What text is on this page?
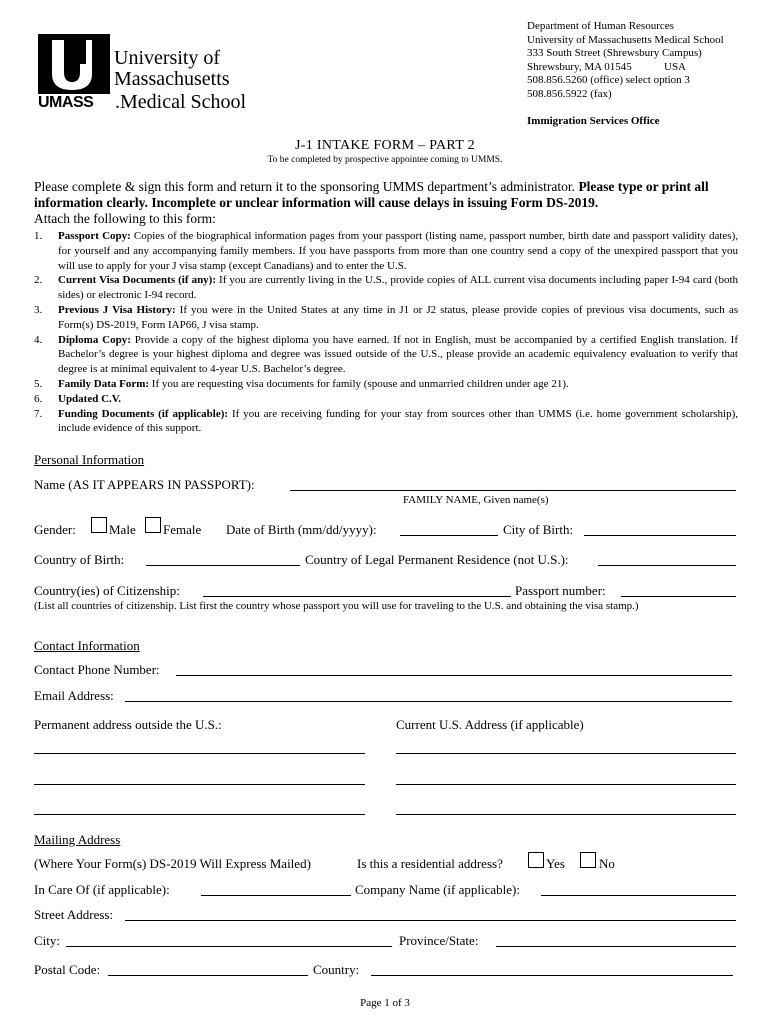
University of
Massachusetts
UMASS .Medical School
Department of Human Resources
University of Massachusetts Medical School
333 South Street (Shrewsbury Campus)
Shrewsbury, MA 01545	USA
508.856.5260 (office) select option 3
508.856.5922 (fax)
Immigration Services Office
J-1 INTAKE FORM – PART 2
To be completed by prospective appointee coming to UMMS.
Please complete & sign this form and return it to the sponsoring UMMS department’s administrator. Please type or print all information clearly. Incomplete or unclear information will cause delays in issuing Form DS-2019.
Attach the following to this form:
1. Passport Copy: Copies of the biographical information pages from your passport (listing name, passport number, birth date and passport validity dates), for yourself and any accompanying family members. If you have passports from more than one country send a copy of the unexpired passport that you will use to apply for your J visa stamp (except Canadians) and to enter the U.S.
2. Current Visa Documents (if any): If you are currently living in the U.S., provide copies of ALL current visa documents including paper I-94 card (both sides) or electronic I-94 record.
3. Previous J Visa History: If you were in the United States at any time in J1 or J2 status, please provide copies of previous visa documents, such as Form(s) DS-2019, Form IAP66, J visa stamp.
4. Diploma Copy: Provide a copy of the highest diploma you have earned. If not in English, must be accompanied by a certified English translation. If Bachelor’s degree is your highest diploma and degree was issued outside of the U.S., please provide an academic equivalency evaluation to verify that degree is at minimal equivalent to 4-year U.S. Bachelor’s degree.
5. Family Data Form: If you are requesting visa documents for family (spouse and unmarried children under age 21).
6. Updated C.V.
7. Funding Documents (if applicable): If you are receiving funding for your stay from sources other than UMMS (i.e. home government scholarship), include evidence of this support.
Personal Information
Name (AS IT APPEARS IN PASSPORT):
FAMILY NAME, Given name(s)
Gender:	Male Female Date of Birth (mm/dd/yyyy):	City of Birth:
Country of Birth:	Country of Legal Permanent Residence (not U.S.):
Country(ies) of Citizenship:	Passport number:
(List all countries of citizenship. List first the country whose passport you will use for traveling to the U.S. and obtaining the visa stamp.)
Contact Information
Contact Phone Number:
Email Address:
Permanent address outside the U.S.:	Current U.S. Address (if applicable)
Mailing Address
(Where Your Form(s) DS-2019 Will Express Mailed)	Is this a residential address?	Yes	No
In Care Of (if applicable):	Company Name (if applicable):
Street Address:
City:	Province/State:
Postal Code:	Country:
Page 1 of 3
